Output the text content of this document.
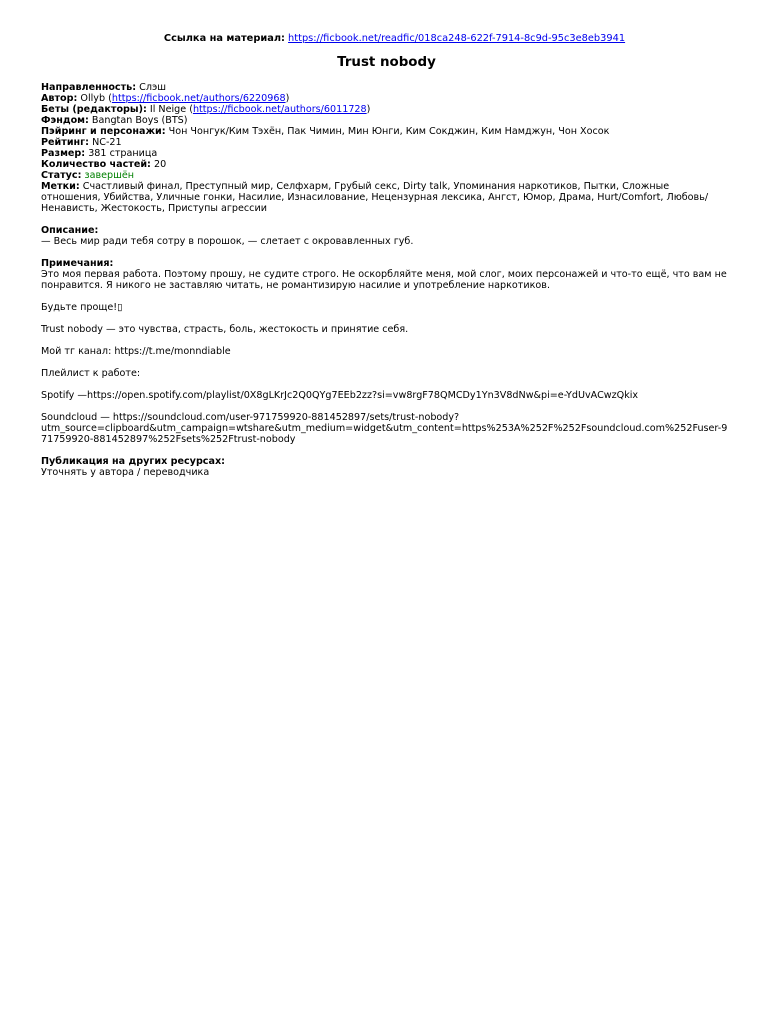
Ссылка на материал: https://ficbook.net/readfic/018ca248-622f-7914-8c9d-95c3e8eb3941
Trust nobody
Направленность: Слэш
Автор: Ollyb (https://ficbook.net/authors/6220968)
Беты (редакторы): Il Neige (https://ficbook.net/authors/6011728)
Фэндом: Bangtan Boys (BTS)
Пэйринг и персонажи: Чон Чонгук/Ким Тэхён, Пак Чимин, Мин Юнги, Ким Сокджин, Ким Намджун, Чон Хосок
Рейтинг: NC-21
Размер: 381 страница
Количество частей: 20
Статус: завершён
Метки: Счастливый финал, Преступный мир, Селфхарм, Грубый секс, Dirty talk, Упоминания наркотиков, Пытки, Сложные отношения, Убийства, Уличные гонки, Насилие, Изнасилование, Нецензурная лексика, Ангст, Юмор, Драма, Hurt/Comfort, Любовь/Ненависть, Жестокость, Приступы агрессии
Описание:
— Весь мир ради тебя сотру в порошок, — слетает с окровавленных губ.
Примечания:
Это моя первая работа. Поэтому прошу, не судите строго. Не оскорбляйте меня, мой слог, моих персонажей и что-то ещё, что вам не понравится. Я никого не заставляю читать, не романтизирую насилие и употребление наркотиков.
Будьте проще!▯
Trust nobody — это чувства, страсть, боль, жестокость и принятие себя.
Мой тг канал: https://t.me/monndiable
Плейлист к работе:
Spotify —https://open.spotify.com/playlist/0X8gLKrJc2Q0QYg7EEb2zz?si=vw8rgF78QMCDy1Yn3V8dNw&pi=e-YdUvACwzQkix
Soundcloud — https://soundcloud.com/user-971759920-881452897/sets/trust-nobody?
utm_source=clipboard&utm_campaign=wtshare&utm_medium=widget&utm_content=https%253A%252F%252Fsoundcloud.com%252Fuser-971759920-881452897%252Fsets%252Ftrust-nobody
Публикация на других ресурсах:
Уточнять у автора / переводчика
